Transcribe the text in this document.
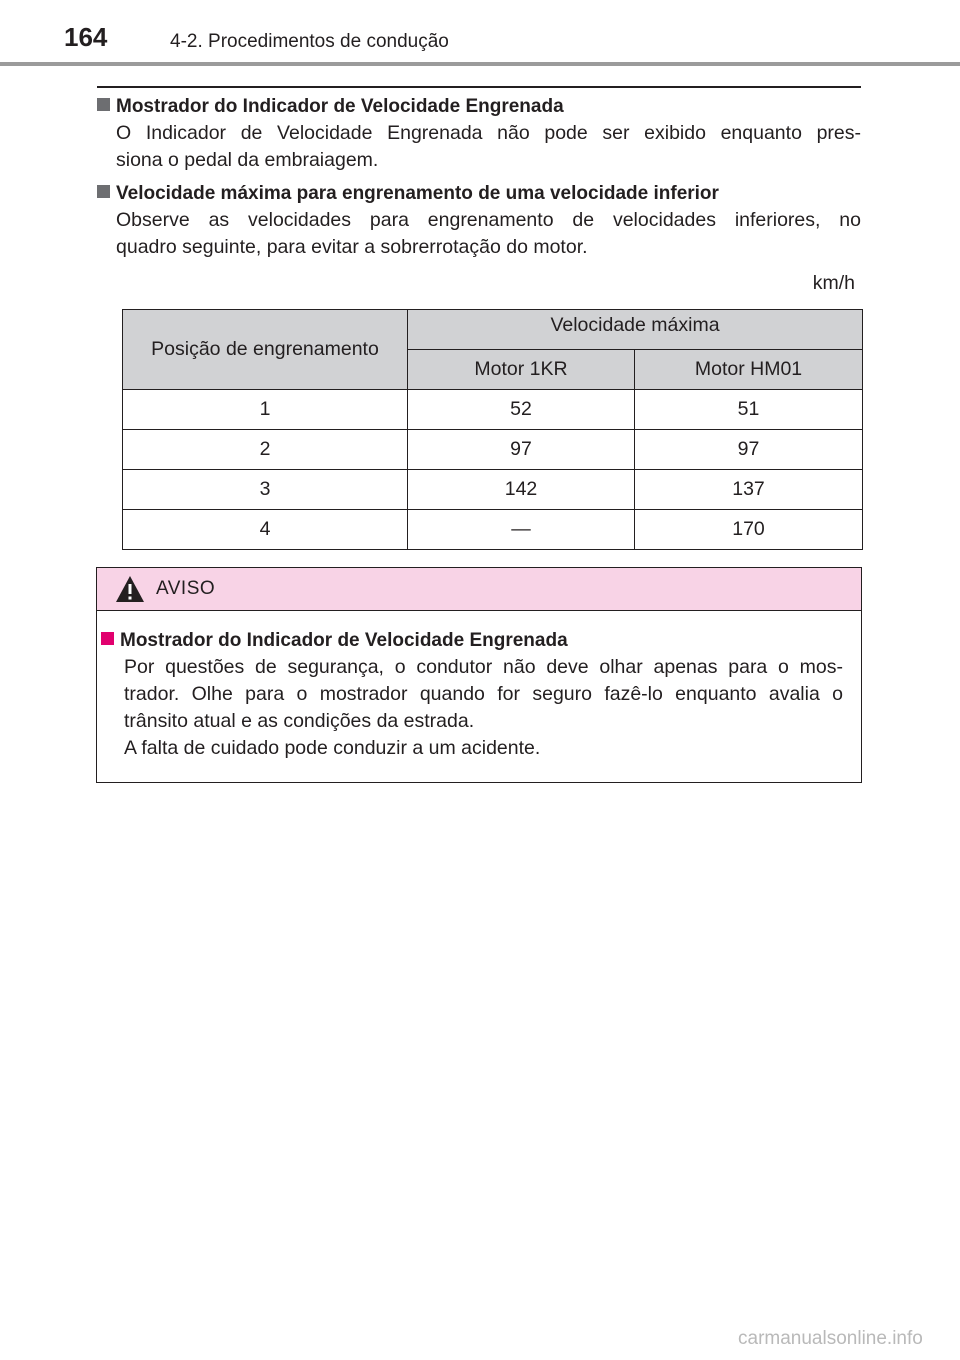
164	4-2. Procedimentos de condução
Mostrador do Indicador de Velocidade Engrenada
O Indicador de Velocidade Engrenada não pode ser exibido enquanto pres-
siona o pedal da embraiagem.
Velocidade máxima para engrenamento de uma velocidade inferior
Observe as velocidades para engrenamento de velocidades inferiores, no
quadro seguinte, para evitar a sobrerrotação do motor.
km/h
Posição de engrenamento	Velocidade máxima	
	Motor 1KR	Motor HM01
1	52	51
2	97	97
3	142	137
4	—	170
AVISO
Mostrador do Indicador de Velocidade Engrenada
Por questões de segurança, o condutor não deve olhar apenas para o mos-
trador. Olhe para o mostrador quando for seguro fazê-lo enquanto avalia o
trânsito atual e as condições da estrada.
A falta de cuidado pode conduzir a um acidente.
carmanualsonline.info
